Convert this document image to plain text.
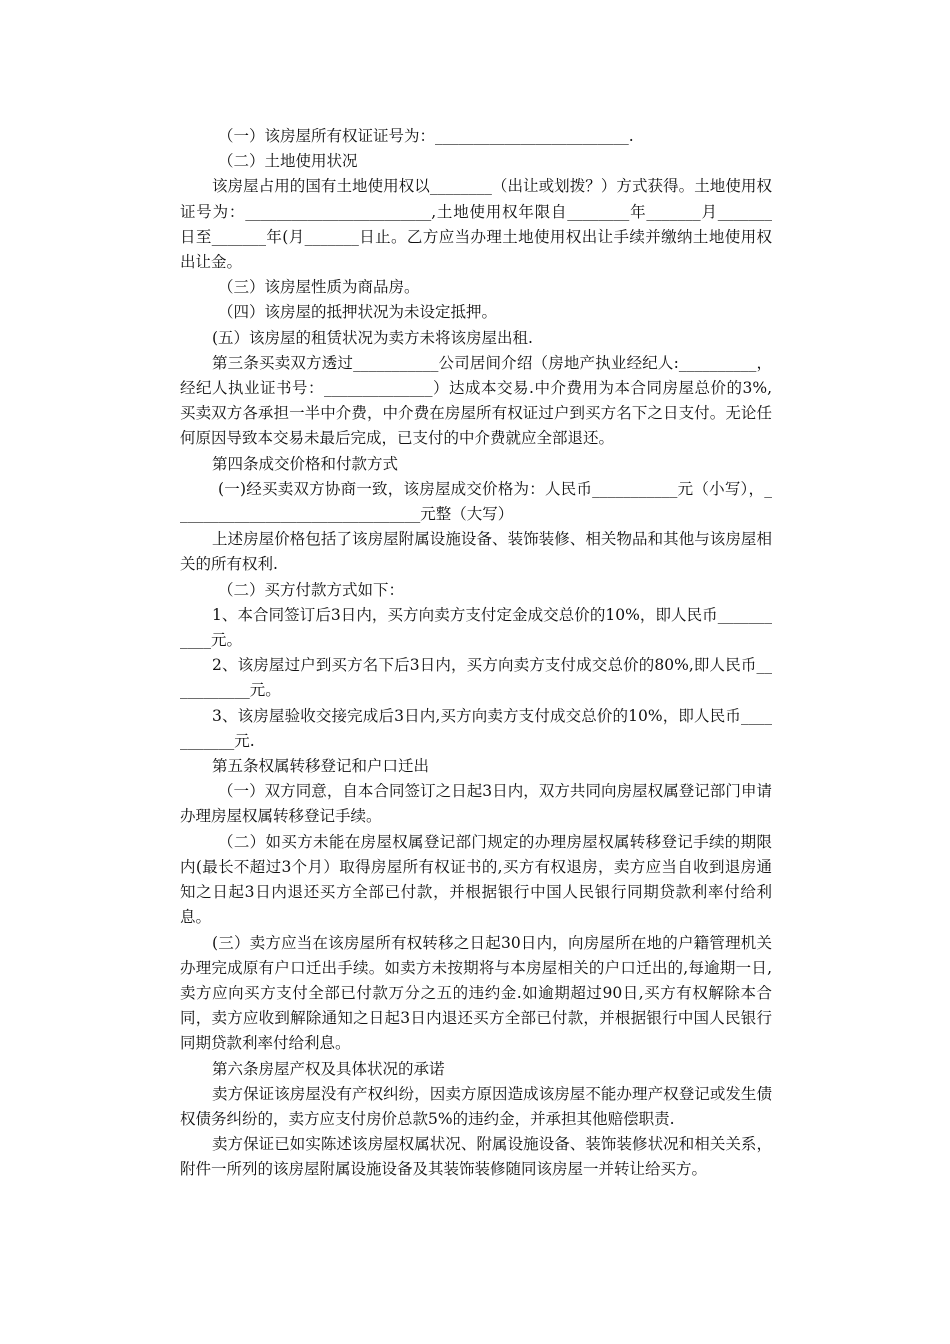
（一）该房屋所有权证证号为：_________________________.

（二）土地使用状况

该房屋占用的国有土地使用权以________（出让或划拨？）方式获得。土地使用权证号为：________________________,土地使用权年限自________年_______月_______日至_______年(月_______日止。乙方应当办理土地使用权出让手续并缴纳土地使用权出让金。

（三）该房屋性质为商品房。

（四）该房屋的抵押状况为未设定抵押。

(五）该房屋的租赁状况为卖方未将该房屋出租.

第三条买卖双方透过___________公司居间介绍（房地产执业经纪人:__________，经纪人执业证书号：______________）达成本交易.中介费用为本合同房屋总价的3%,买卖双方各承担一半中介费，中介费在房屋所有权证过户到买方名下之日支付。无论任何原因导致本交易未最后完成，已支付的中介费就应全部退还。

第四条成交价格和付款方式

(一)经买卖双方协商一致，该房屋成交价格为：人民币___________元（小写），________________________________元整（大写）

上述房屋价格包括了该房屋附属设施设备、装饰装修、相关物品和其他与该房屋相关的所有权利.

（二）买方付款方式如下：

1、本合同签订后3日内，买方向卖方支付定金成交总价的10%，即人民币___________元。

2、该房屋过户到买方名下后3日内，买方向卖方支付成交总价的80%,即人民币___________元。

3、该房屋验收交接完成后3日内,买方向卖方支付成交总价的10%，即人民币___________元.

第五条权属转移登记和户口迁出

（一）双方同意，自本合同签订之日起3日内，双方共同向房屋权属登记部门申请办理房屋权属转移登记手续。

（二）如买方未能在房屋权属登记部门规定的办理房屋权属转移登记手续的期限内(最长不超过3个月）取得房屋所有权证书的,买方有权退房，卖方应当自收到退房通知之日起3日内退还买方全部已付款，并根据银行中国人民银行同期贷款利率付给利息。

(三）卖方应当在该房屋所有权转移之日起30日内，向房屋所在地的户籍管理机关办理完成原有户口迁出手续。如卖方未按期将与本房屋相关的户口迁出的,每逾期一日,卖方应向买方支付全部已付款万分之五的违约金.如逾期超过90日,买方有权解除本合同，卖方应收到解除通知之日起3日内退还买方全部已付款，并根据银行中国人民银行同期贷款利率付给利息。

第六条房屋产权及具体状况的承诺

卖方保证该房屋没有产权纠纷，因卖方原因造成该房屋不能办理产权登记或发生债权债务纠纷的，卖方应支付房价总款5%的违约金，并承担其他赔偿职责.

卖方保证已如实陈述该房屋权属状况、附属设施设备、装饰装修状况和相关关系，附件一所列的该房屋附属设施设备及其装饰装修随同该房屋一并转让给买方。
